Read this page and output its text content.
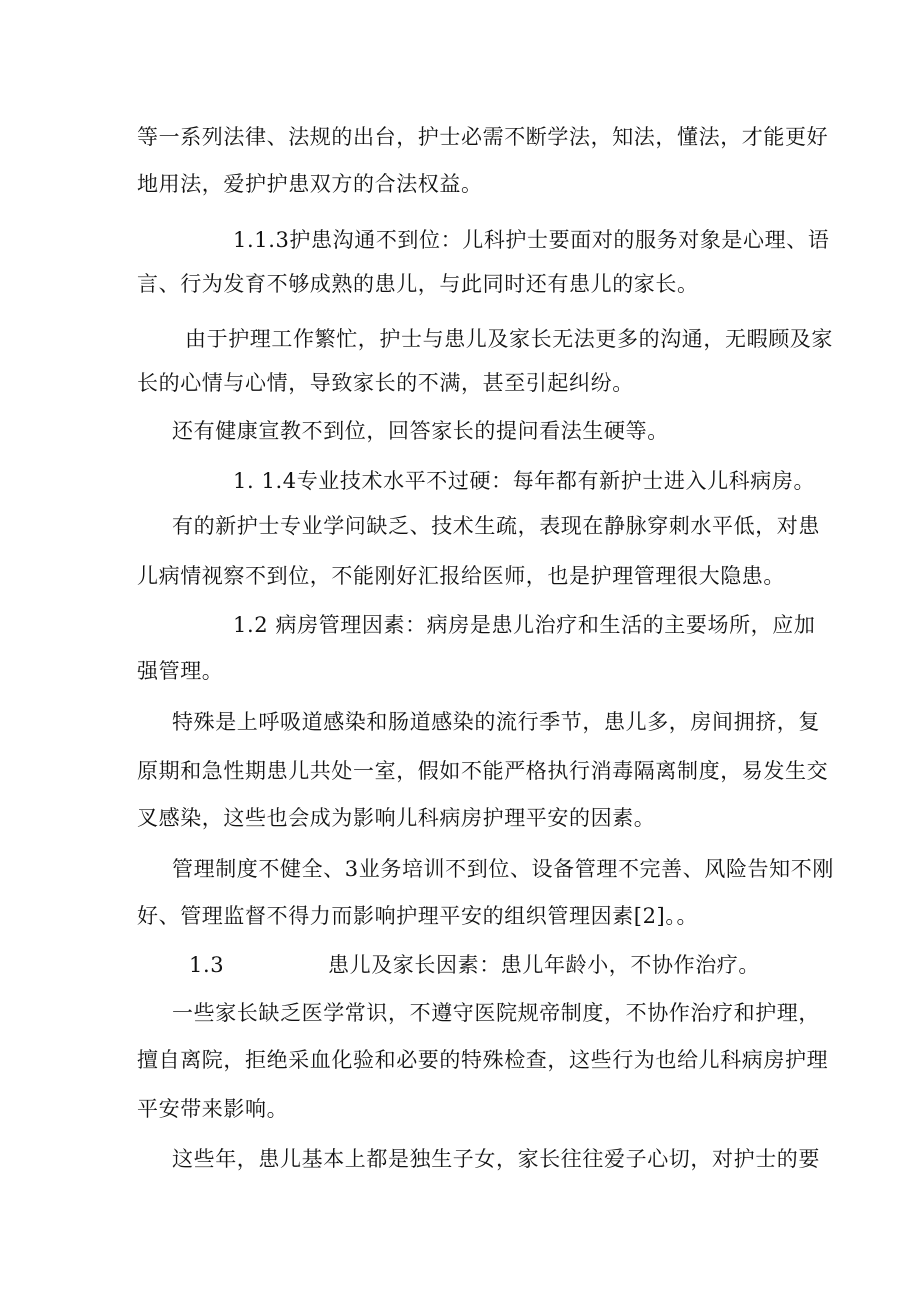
等一系列法律、法规的出台，护士必需不断学法，知法，懂法，才能更好
地用法，爱护护患双方的合法权益。
1.1.3护患沟通不到位：儿科护士要面对的服务对象是心理、语
言、行为发育不够成熟的患儿，与此同时还有患儿的家长。
由于护理工作繁忙，护士与患儿及家长无法更多的沟通，无暇顾及家
长的心情与心情，导致家长的不满，甚至引起纠纷。
还有健康宣教不到位，回答家长的提问看法生硬等。
1. 1.4专业技术水平不过硬：每年都有新护士进入儿科病房。
有的新护士专业学问缺乏、技术生疏，表现在静脉穿刺水平低，对患
儿病情视察不到位，不能刚好汇报给医师，也是护理管理很大隐患。
1.2 病房管理因素：病房是患儿治疗和生活的主要场所，应加
强管理。
特殊是上呼吸道感染和肠道感染的流行季节，患儿多，房间拥挤，复
原期和急性期患儿共处一室，假如不能严格执行消毒隔离制度，易发生交
叉感染，这些也会成为影响儿科病房护理平安的因素。
管理制度不健全、3业务培训不到位、设备管理不完善、风险告知不刚
好、管理监督不得力而影响护理平安的组织管理因素[2]。。
1.3	患儿及家长因素：患儿年龄小，不协作治疗。
一些家长缺乏医学常识，不遵守医院规帝制度，不协作治疗和护理，
擅自离院，拒绝采血化验和必要的特殊检查，这些行为也给儿科病房护理
平安带来影响。
这些年，患儿基本上都是独生子女，家长往往爱子心切，对护士的要
